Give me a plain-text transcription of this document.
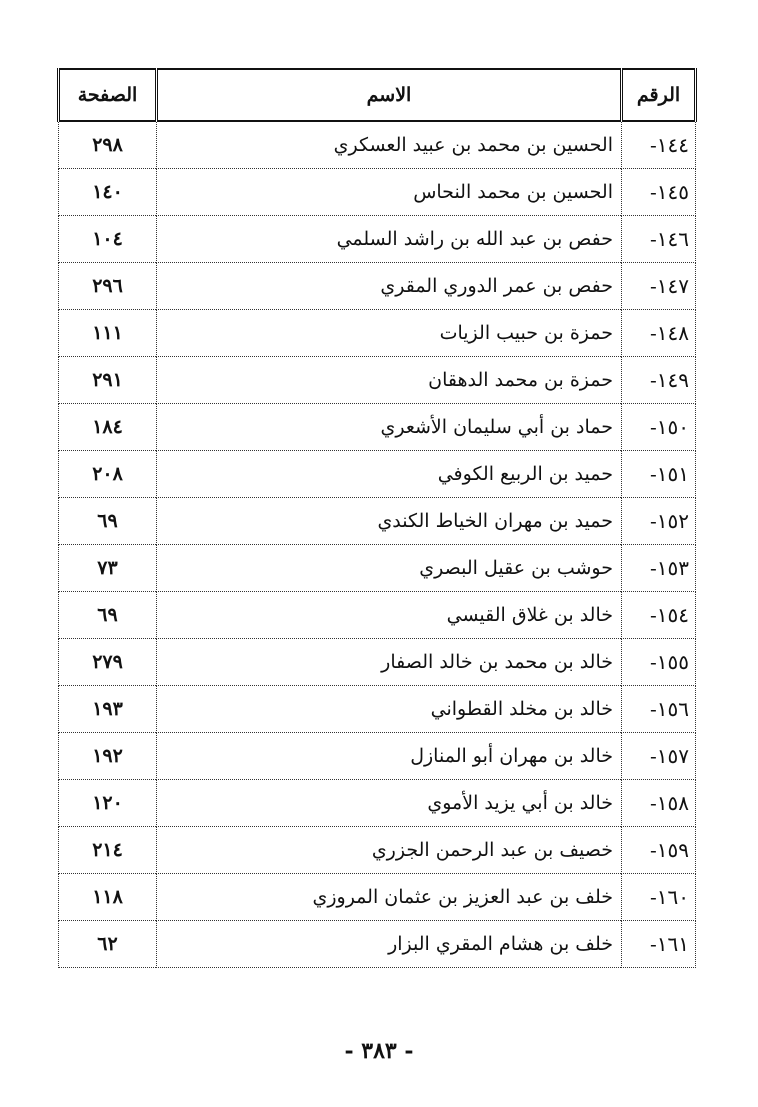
الرقم	الاسم	الصفحة
١٤٤-	الحسين بن محمد بن عبيد العسكري	٢٩٨
١٤٥-	الحسين بن محمد النحاس	١٤٠
١٤٦-	حفص بن عبد الله بن راشد السلمي	١٠٤
١٤٧-	حفص بن عمر الدوري المقري	٢٩٦
١٤٨-	حمزة بن حبيب الزيات	١١١
١٤٩-	حمزة بن محمد الدهقان	٢٩١
١٥٠-	حماد بن أبي سليمان الأشعري	١٨٤
١٥١-	حميد بن الربيع الكوفي	٢٠٨
١٥٢-	حميد بن مهران الخياط الكندي	٦٩
١٥٣-	حوشب بن عقيل البصري	٧٣
١٥٤-	خالد بن غلاق القيسي	٦٩
١٥٥-	خالد بن محمد بن خالد الصفار	٢٧٩
١٥٦-	خالد بن مخلد القطواني	١٩٣
١٥٧-	خالد بن مهران أبو المنازل	١٩٢
١٥٨-	خالد بن أبي يزيد الأموي	١٢٠
١٥٩-	خصيف بن عبد الرحمن الجزري	٢١٤
١٦٠-	خلف بن عبد العزيز بن عثمان المروزي	١١٨
١٦١-	خلف بن هشام المقري البزار	٦٢
- ٣٨٣ -
